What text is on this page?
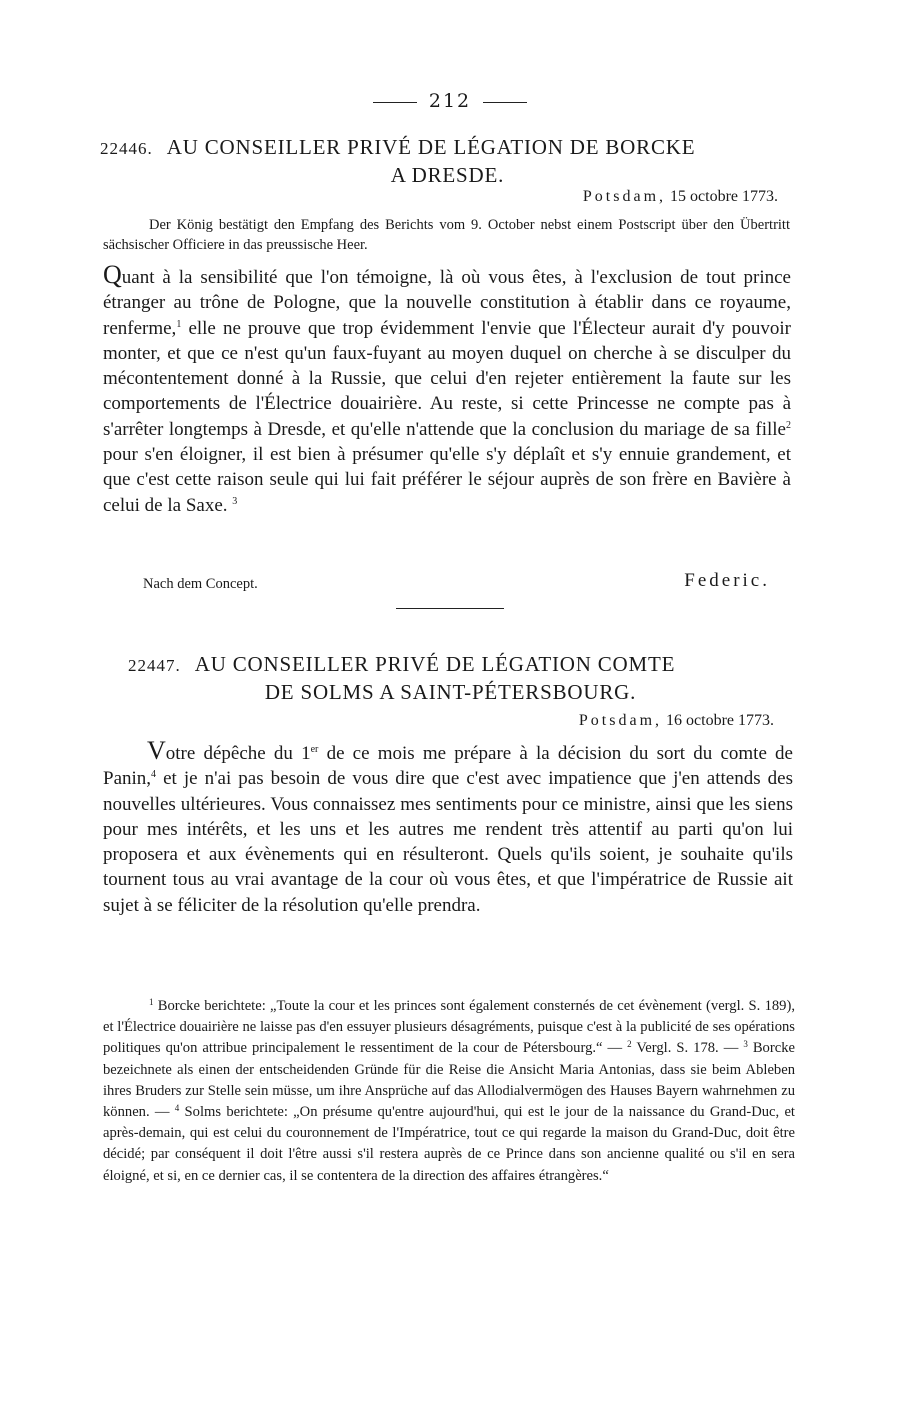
212
22446. AU CONSEILLER PRIVÉ DE LÉGATION DE BORCKE
A DRESDE.
Potsdam, 15 octobre 1773.
Der König bestätigt den Empfang des Berichts vom 9. October nebst einem Postscript über den Übertritt sächsischer Officiere in das preussische Heer.
Quant à la sensibilité que l'on témoigne, là où vous êtes, à l'exclusion de tout prince étranger au trône de Pologne, que la nouvelle constitution à établir dans ce royaume, renferme,$^1$ elle ne prouve que trop évidemment l'envie que l'Électeur aurait d'y pouvoir monter, et que ce n'est qu'un faux-fuyant au moyen duquel on cherche à se disculper du mécontentement donné à la Russie, que celui d'en rejeter entièrement la faute sur les comportements de l'Électrice douairière. Au reste, si cette Princesse ne compte pas à s'arrêter longtemps à Dresde, et qu'elle n'attende que la conclusion du mariage de sa fille$^2$ pour s'en éloigner, il est bien à présumer qu'elle s'y déplaît et s'y ennuie grandement, et que c'est cette raison seule qui lui fait préférer le séjour auprès de son frère en Bavière à celui de la Saxe. $^3$
Nach dem Concept.	Federic.
22447. AU CONSEILLER PRIVÉ DE LÉGATION COMTE
DE SOLMS A SAINT-PÉTERSBOURG.
Potsdam, 16 octobre 1773.
Votre dépêche du 1er de ce mois me prépare à la décision du sort du comte de Panin,$^4$ et je n'ai pas besoin de vous dire que c'est avec impatience que j'en attends des nouvelles ultérieures. Vous connaissez mes sentiments pour ce ministre, ainsi que les siens pour mes intérêts, et les uns et les autres me rendent très attentif au parti qu'on lui proposera et aux évènements qui en résulteront. Quels qu'ils soient, je souhaite qu'ils tournent tous au vrai avantage de la cour où vous êtes, et que l'impératrice de Russie ait sujet à se féliciter de la résolution qu'elle prendra.
$^1$ Borcke berichtete: „Toute la cour et les princes sont également consternés de cet évènement (vergl. S. 189), et l'Électrice douairière ne laisse pas d'en essuyer plusieurs désagréments, puisque c'est à la publicité de ses opérations politiques qu'on attribue principalement le ressentiment de la cour de Pétersbourg.“ — $^2$ Vergl. S. 178. — $^3$ Borcke bezeichnete als einen der entscheidenden Gründe für die Reise die Ansicht Maria Antonias, dass sie beim Ableben ihres Bruders zur Stelle sein müsse, um ihre Ansprüche auf das Allodialvermögen des Hauses Bayern wahrnehmen zu können. — $^4$ Solms berichtete: „On présume qu'entre aujourd'hui, qui est le jour de la naissance du Grand-Duc, et après-demain, qui est celui du couronnement de l'Impératrice, tout ce qui regarde la maison du Grand-Duc, doit être décidé; par conséquent il doit l'être aussi s'il restera auprès de ce Prince dans son ancienne qualité ou s'il en sera éloigné, et si, en ce dernier cas, il se contentera de la direction des affaires étrangères.“
